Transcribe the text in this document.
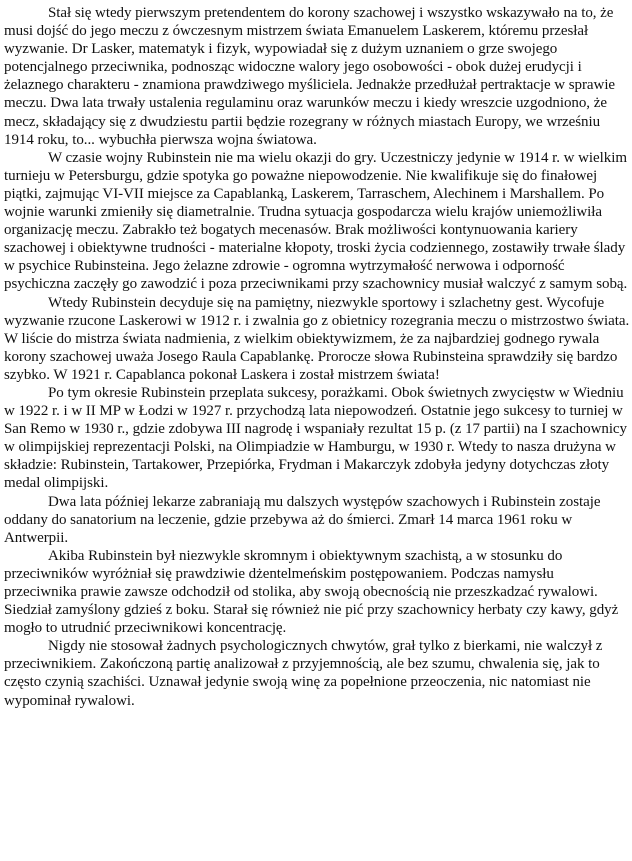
Stał się wtedy pierwszym pretendentem do korony szachowej i wszystko wskazywało na to, że musi dojść do jego meczu z ówczesnym mistrzem świata Emanuelem Laskerem, któremu przesłał wyzwanie. Dr Lasker, matematyk i fizyk, wypowiadał się z dużym uznaniem o grze swojego potencjalnego przeciwnika, podnosząc widoczne walory jego osobowości - obok dużej erudycji i żelaznego charakteru - znamiona prawdziwego myśliciela. Jednakże przedłużał pertraktacje w sprawie meczu. Dwa lata trwały ustalenia regulaminu oraz warunków meczu i kiedy wreszcie uzgodniono, że mecz, składający się z dwudziestu partii będzie rozegrany w różnych miastach Europy, we wrześniu 1914 roku, to... wybuchła pierwsza wojna światowa.

W czasie wojny Rubinstein nie ma wielu okazji do gry. Uczestniczy jedynie w 1914 r. w wielkim turnieju w Petersburgu, gdzie spotyka go poważne niepowodzenie. Nie kwalifikuje się do finałowej piątki, zajmując VI-VII miejsce za Capablanką, Laskerem, Tarraschem, Alechinem i Marshallem. Po wojnie warunki zmieniły się diametralnie. Trudna sytuacja gospodarcza wielu krajów uniemożliwiła organizację meczu. Zabrakło też bogatych mecenasów. Brak możliwości kontynuowania kariery szachowej i obiektywne trudności - materialne kłopoty, troski życia codziennego, zostawiły trwałe ślady w psychice Rubinsteina. Jego żelazne zdrowie - ogromna wytrzymałość nerwowa i odporność psychiczna zaczęły go zawodzić i poza przeciwnikami przy szachownicy musiał walczyć z samym sobą.

Wtedy Rubinstein decyduje się na pamiętny, niezwykle sportowy i szlachetny gest. Wycofuje wyzwanie rzucone Laskerowi w 1912 r. i zwalnia go z obietnicy rozegrania meczu o mistrzostwo świata. W liście do mistrza świata nadmienia, z wielkim obiektywizmem, że za najbardziej godnego rywala korony szachowej uważa Josego Raula Capablankę. Prorocze słowa Rubinsteina sprawdziły się bardzo szybko. W 1921 r. Capablanca pokonał Laskera i został mistrzem świata!

Po tym okresie Rubinstein przeplata sukcesy, porażkami. Obok świetnych zwycięstw w Wiedniu w 1922 r. i w II MP w Łodzi w 1927 r. przychodzą lata niepowodzeń. Ostatnie jego sukcesy to turniej w San Remo w 1930 r., gdzie zdobywa III nagrodę i wspaniały rezultat 15 p. (z 17 partii) na I szachownicy w olimpijskiej reprezentacji Polski, na Olimpiadzie w Hamburgu, w 1930 r. Wtedy to nasza drużyna w składzie: Rubinstein, Tartakower, Przepiórka, Frydman i Makarczyk zdobyła jedyny dotychczas złoty medal olimpijski.

Dwa lata później lekarze zabraniają mu dalszych występów szachowych i Rubinstein zostaje oddany do sanatorium na leczenie, gdzie przebywa aż do śmierci. Zmarł 14 marca 1961 roku w Antwerpii.

Akiba Rubinstein był niezwykle skromnym i obiektywnym szachistą, a w stosunku do przeciwników wyróżniał się prawdziwie dżentelmeńskim postępowaniem. Podczas namysłu przeciwnika prawie zawsze odchodził od stolika, aby swoją obecnością nie przeszkadzać rywalowi. Siedział zamyślony gdzieś z boku. Starał się również nie pić przy szachownicy herbaty czy kawy, gdyż mogło to utrudnić przeciwnikowi koncentrację.

Nigdy nie stosował żadnych psychologicznych chwytów, grał tylko z bierkami, nie walczył z przeciwnikiem. Zakończoną partię analizował z przyjemnością, ale bez szumu, chwalenia się, jak to często czynią szachiści. Uznawał jedynie swoją winę za popełnione przeoczenia, nic natomiast nie wypominał rywalowi.
